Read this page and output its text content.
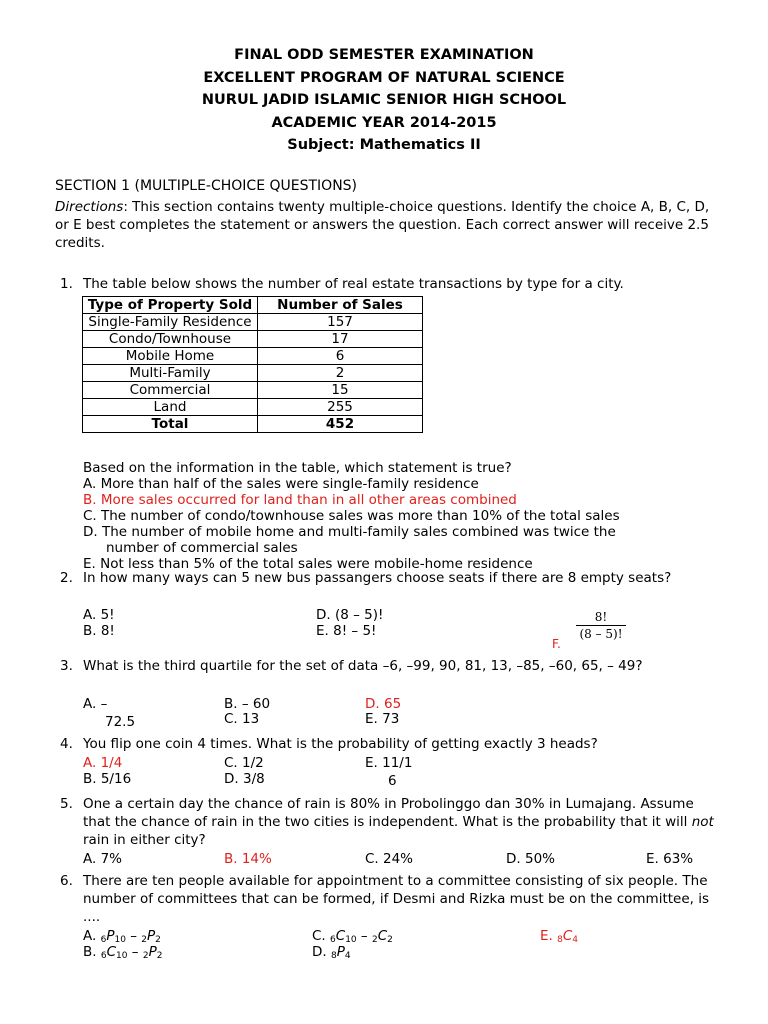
FINAL ODD SEMESTER EXAMINATION
EXCELLENT PROGRAM OF NATURAL SCIENCE
NURUL JADID ISLAMIC SENIOR HIGH SCHOOL
ACADEMIC YEAR 2014-2015
Subject: Mathematics II
SECTION 1 (MULTIPLE-CHOICE QUESTIONS)
Directions: This section contains twenty multiple-choice questions. Identify the choice A, B, C, D, or E best completes the statement or answers the question. Each correct answer will receive 2.5 credits.
1. The table below shows the number of real estate transactions by type for a city.
Type of Property Sold	Number of Sales
Single-Family Residence	157
Condo/Townhouse	17
Mobile Home	6
Multi-Family	2
Commercial	15
Land	255
Total	452
Based on the information in the table, which statement is true?
A. More than half of the sales were single-family residence
B. More sales occurred for land than in all other areas combined
C. The number of condo/townhouse sales was more than 10% of the total sales
D. The number of mobile home and multi-family sales combined was twice the
number of commercial sales
E. Not less than 5% of the total sales were mobile-home residence
2. In how many ways can 5 new bus passangers choose seats if there are 8 empty seats?
A. 5!
B. 8!
D. (8 – 5)!
E. 8! – 5!
F.
8!
(8 – 5)!
3. What is the third quartile for the set of data –6, –99, 90, 81, 13, –85, –60, 65, – 49?
A. –
72.5
B. – 60
C. 13
D. 65
E. 73
4. You flip one coin 4 times. What is the probability of getting exactly 3 heads?
A. 1/4
B. 5/16
C. 1/2
D. 3/8
E. 11/1
6
5. One a certain day the chance of rain is 80% in Probolinggo dan 30% in Lumajang. Assume that the chance of rain in the two cities is independent. What is the probability that it will not rain in either city?
A. 7%	B. 14%	C. 24%	D. 50%	E. 63%
6. There are ten people available for appointment to a committee consisting of six people. The number of committees that can be formed, if Desmi and Rizka must be on the committee, is ....
A. $_6P_{10} - _2P_2$
B. $_6C_{10} - _2P_2$
C. $_6C_{10} - _2C_2$
D. $_8P_4$
E. $_8C_4$
